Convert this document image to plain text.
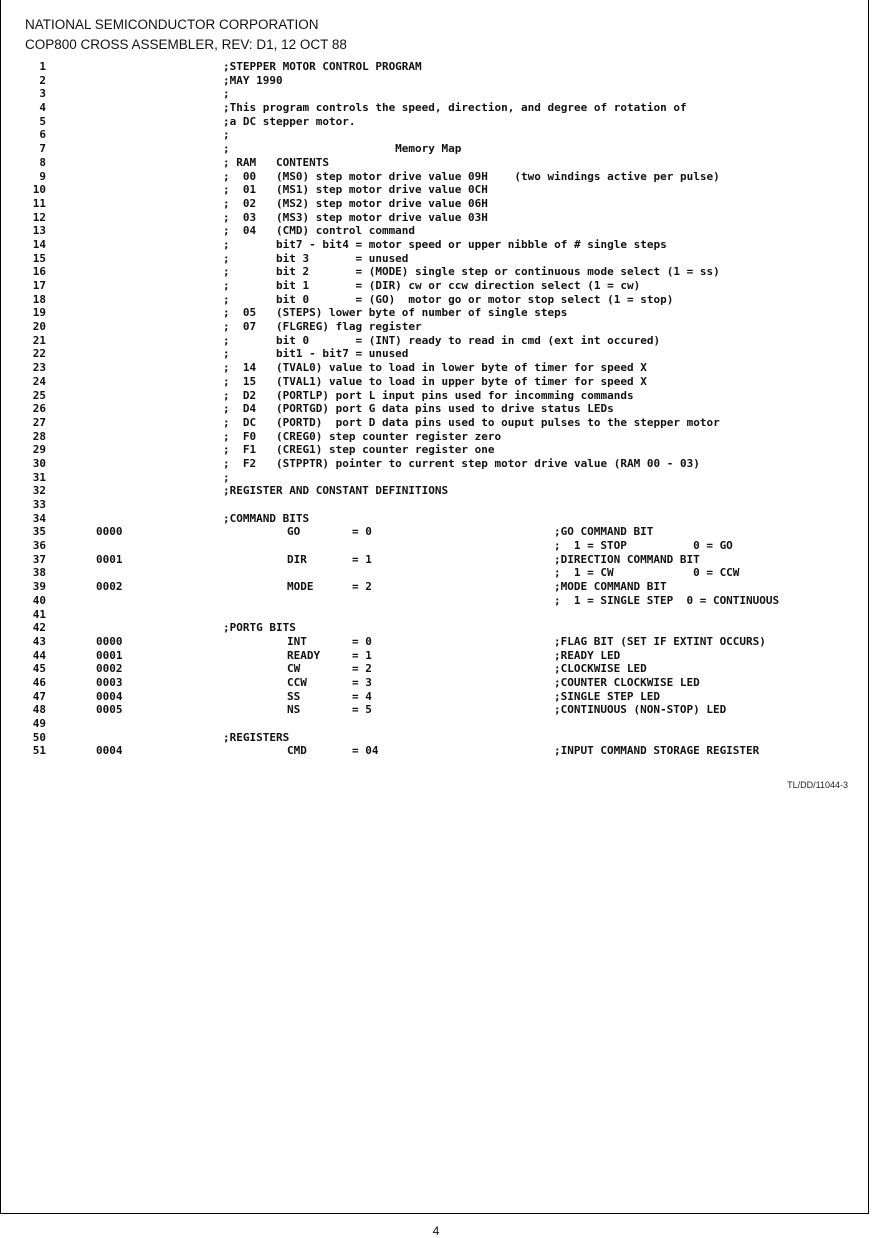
NATIONAL SEMICONDUCTOR CORPORATION
COP800 CROSS ASSEMBLER, REV: D1, 12 OCT 88
1	;STEPPER MOTOR CONTROL PROGRAM
2	;MAY 1990
3	;
4	;This program controls the speed, direction, and degree of rotation of
5	;a DC stepper motor.
6	;
7	;                         Memory Map
8	; RAM   CONTENTS
9	;  00   (MS0) step motor drive value 09H    (two windings active per pulse)
10	;  01   (MS1) step motor drive value 0CH
11	;  02   (MS2) step motor drive value 06H
12	;  03   (MS3) step motor drive value 03H
13	;  04   (CMD) control command
14	;       bit7 - bit4 = motor speed or upper nibble of # single steps
15	;       bit 3       = unused
16	;       bit 2       = (MODE) single step or continuous mode select (1 = ss)
17	;       bit 1       = (DIR) cw or ccw direction select (1 = cw)
18	;       bit 0       = (GO)  motor go or motor stop select (1 = stop)
19	;  05   (STEPS) lower byte of number of single steps
20	;  07   (FLGREG) flag register
21	;       bit 0       = (INT) ready to read in cmd (ext int occured)
22	;       bit1 - bit7 = unused
23	;  14   (TVAL0) value to load in lower byte of timer for speed X
24	;  15   (TVAL1) value to load in upper byte of timer for speed X
25	;  D2   (PORTLP) port L input pins used for incomming commands
26	;  D4   (PORTGD) port G data pins used to drive status LEDs
27	;  DC   (PORTD)  port D data pins used to ouput pulses to the stepper motor
28	;  F0   (CREG0) step counter register zero
29	;  F1   (CREG1) step counter register one
30	;  F2   (STPPTR) pointer to current step motor drive value (RAM 00 - 03)
31	;
32	;REGISTER AND CONSTANT DEFINITIONS
33
34	;COMMAND BITS
35	0000	GO	= 0	;GO COMMAND BIT
36	;  1 = STOP          0 = GO
37	0001	DIR	= 1	;DIRECTION COMMAND BIT
38	;  1 = CW            0 = CCW
39	0002	MODE	= 2	;MODE COMMAND BIT
40	;  1 = SINGLE STEP  0 = CONTINUOUS
41
42	;PORTG BITS
43	0000	INT	= 0	;FLAG BIT (SET IF EXTINT OCCURS)
44	0001	READY	= 1	;READY LED
45	0002	CW	= 2	;CLOCKWISE LED
46	0003	CCW	= 3	;COUNTER CLOCKWISE LED
47	0004	SS	= 4	;SINGLE STEP LED
48	0005	NS	= 5	;CONTINUOUS (NON-STOP) LED
49
50	;REGISTERS
51	0004	CMD	= 04	;INPUT COMMAND STORAGE REGISTER
TL/DD/11044-3
4
